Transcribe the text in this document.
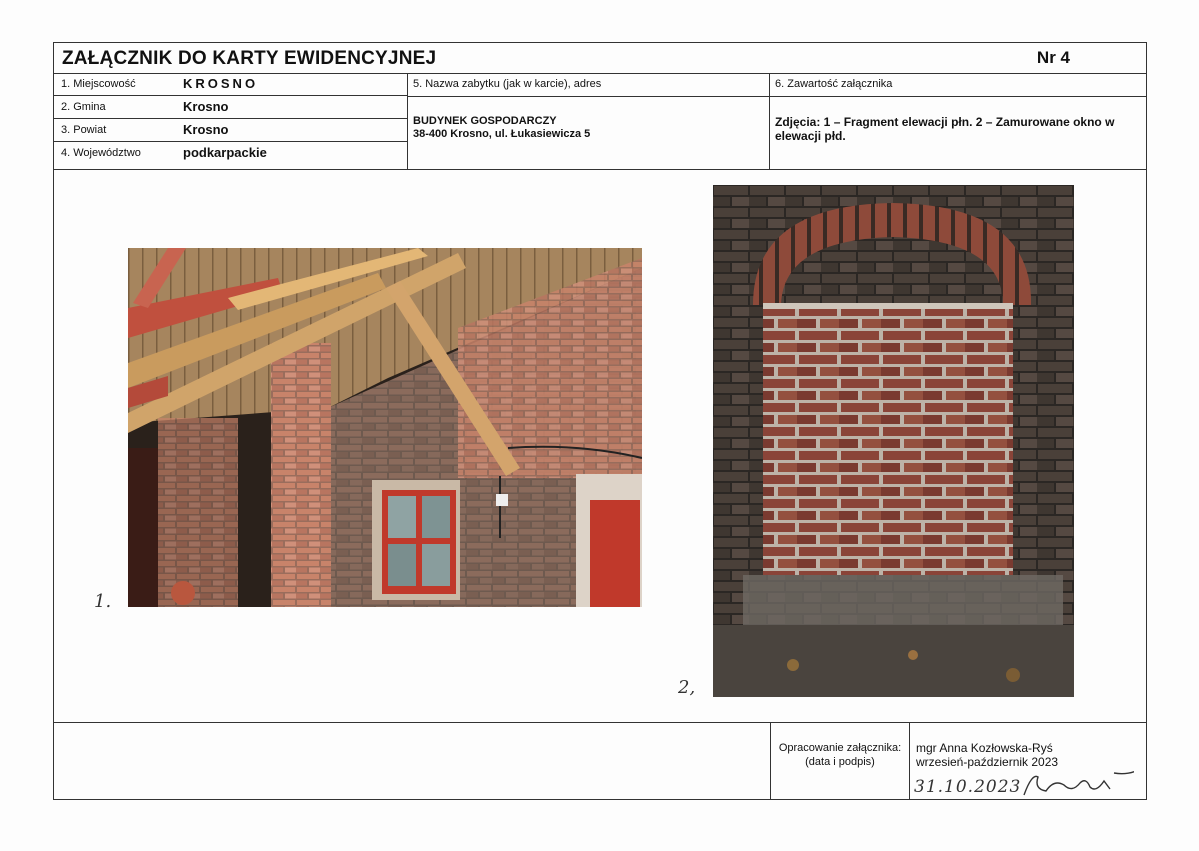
ZAŁĄCZNIK DO KARTY EWIDENCYJNEJ	Nr 4
1. Miejscowość	KROSNO
2. Gmina	Krosno
3. Powiat	Krosno
4. Województwo	podkarpackie
5. Nazwa zabytku (jak w karcie), adres
BUDYNEK GOSPODARCZY
38-400 Krosno, ul. Łukasiewicza 5
6. Zawartość załącznika
Zdjęcia: 1 – Fragment elewacji płn. 2 – Zamurowane okno w elewacji płd.
1.
2,
Opracowanie załącznika:
(data i podpis)
mgr Anna Kozłowska-Ryś
wrzesień-październik 2023
31.10.2023
